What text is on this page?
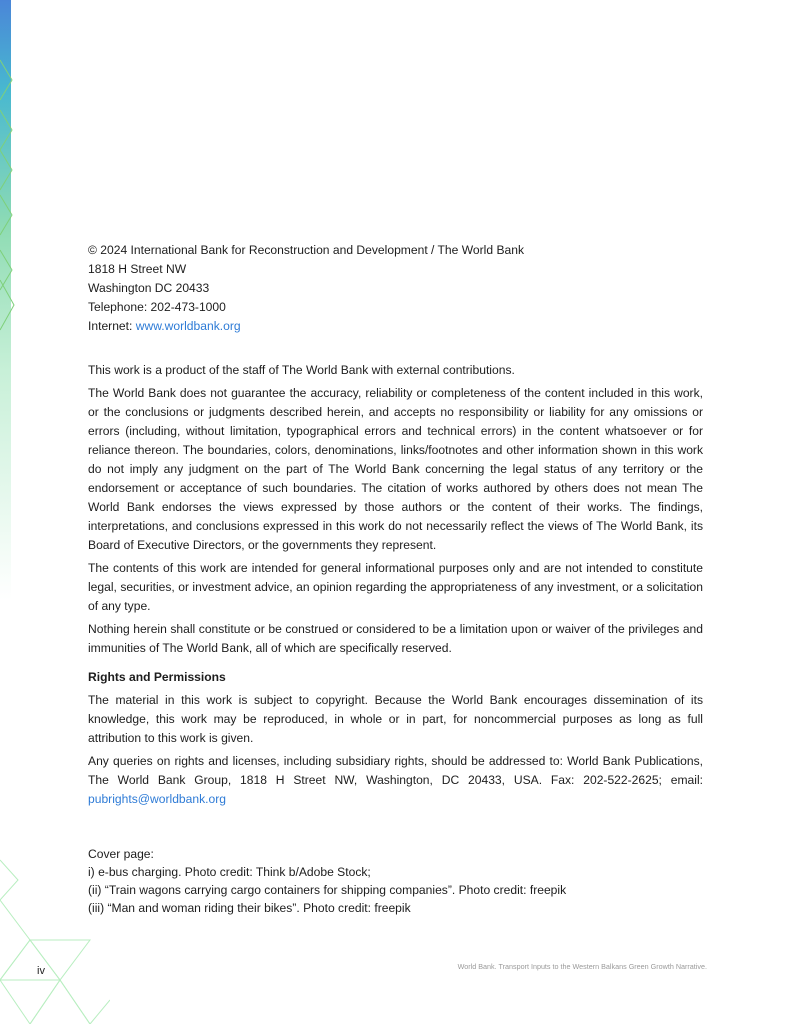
© 2024 International Bank for Reconstruction and Development / The World Bank
1818 H Street NW
Washington DC 20433
Telephone: 202-473-1000
Internet: www.worldbank.org

This work is a product of the staff of The World Bank with external contributions.

The World Bank does not guarantee the accuracy, reliability or completeness of the content included in this work, or the conclusions or judgments described herein, and accepts no responsibility or liability for any omissions or errors (including, without limitation, typographical errors and technical errors) in the content whatsoever or for reliance thereon. The boundaries, colors, denominations, links/footnotes and other information shown in this work do not imply any judgment on the part of The World Bank concerning the legal status of any territory or the endorsement or acceptance of such boundaries. The citation of works authored by others does not mean The World Bank endorses the views expressed by those authors or the content of their works. The findings, interpretations, and conclusions expressed in this work do not necessarily reflect the views of The World Bank, its Board of Executive Directors, or the governments they represent.

The contents of this work are intended for general informational purposes only and are not intended to constitute legal, securities, or investment advice, an opinion regarding the appropriateness of any investment, or a solicitation of any type.

Nothing herein shall constitute or be construed or considered to be a limitation upon or waiver of the privileges and immunities of The World Bank, all of which are specifically reserved.

Rights and Permissions

The material in this work is subject to copyright. Because the World Bank encourages dissemination of its knowledge, this work may be reproduced, in whole or in part, for noncommercial purposes as long as full attribution to this work is given.

Any queries on rights and licenses, including subsidiary rights, should be addressed to: World Bank Publications, The World Bank Group, 1818 H Street NW, Washington, DC 20433, USA. Fax: 202-522-2625; email: pubrights@worldbank.org

Cover page:
i) e-bus charging. Photo credit: Think b/Adobe Stock;
(ii) “Train wagons carrying cargo containers for shipping companies”. Photo credit: freepik
(iii) “Man and woman riding their bikes”. Photo credit: freepik
iv	World Bank. Transport Inputs to the Western Balkans Green Growth Narrative.
